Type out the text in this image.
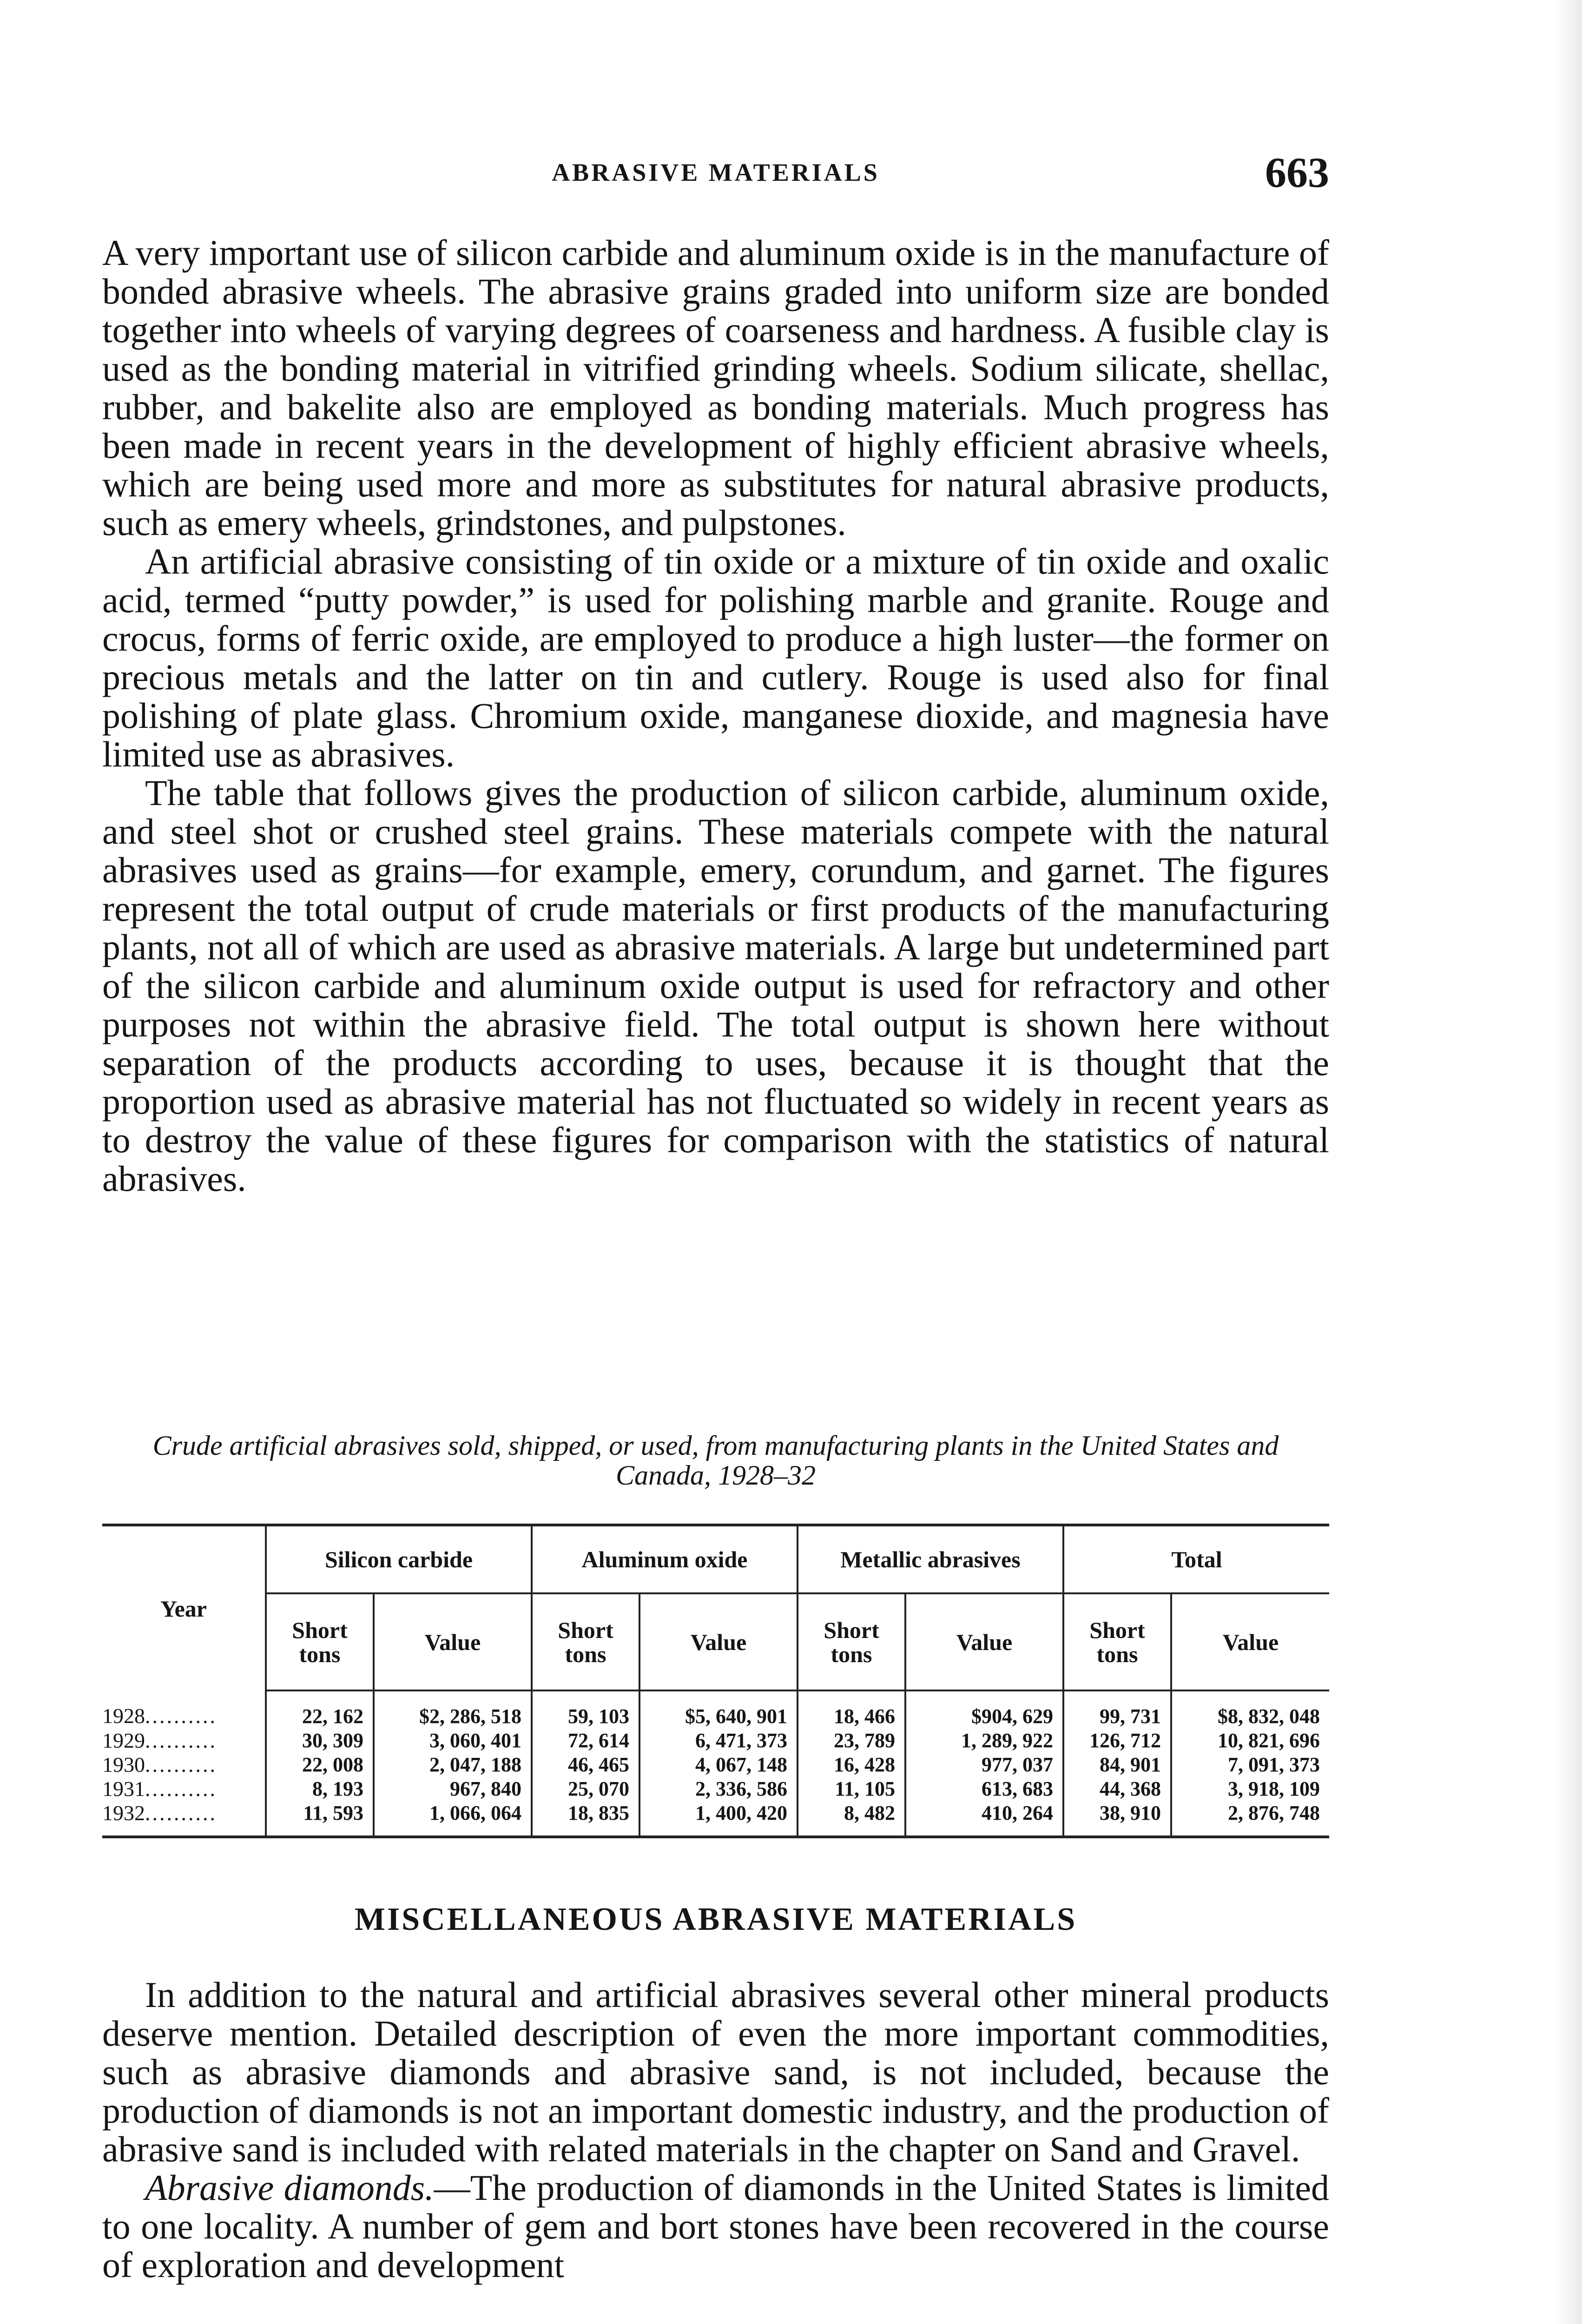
ABRASIVE MATERIALS	663

A very important use of silicon carbide and aluminum oxide is in the manufacture of bonded abrasive wheels. The abrasive grains graded into uniform size are bonded together into wheels of varying degrees of coarseness and hardness. A fusible clay is used as the bonding material in vitrified grinding wheels. Sodium silicate, shellac, rubber, and bakelite also are employed as bonding materials. Much progress has been made in recent years in the development of highly efficient abrasive wheels, which are being used more and more as substitutes for natural abrasive products, such as emery wheels, grindstones, and pulpstones.

An artificial abrasive consisting of tin oxide or a mixture of tin oxide and oxalic acid, termed “putty powder,” is used for polishing marble and granite. Rouge and crocus, forms of ferric oxide, are employed to produce a high luster—the former on precious metals and the latter on tin and cutlery. Rouge is used also for final polishing of plate glass. Chromium oxide, manganese dioxide, and magnesia have limited use as abrasives.

The table that follows gives the production of silicon carbide, aluminum oxide, and steel shot or crushed steel grains. These materials compete with the natural abrasives used as grains—for example, emery, corundum, and garnet. The figures represent the total output of crude materials or first products of the manufacturing plants, not all of which are used as abrasive materials. A large but undetermined part of the silicon carbide and aluminum oxide output is used for refractory and other purposes not within the abrasive field. The total output is shown here without separation of the products according to uses, because it is thought that the proportion used as abrasive material has not fluctuated so widely in recent years as to destroy the value of these figures for comparison with the statistics of natural abrasives.

Crude artificial abrasives sold, shipped, or used, from manufacturing plants in the United States and Canada, 1928–32
Year	Silicon carbide		Aluminum oxide		Metallic abrasives		Total	
	Short tons	Value	Short tons	Value	Short tons	Value	Short tons	Value
1928..........	22, 162	$2, 286, 518	59, 103	$5, 640, 901	18, 466	$904, 629	99, 731	$8, 832, 048
1929..........	30, 309	3, 060, 401	72, 614	6, 471, 373	23, 789	1, 289, 922	126, 712	10, 821, 696
1930..........	22, 008	2, 047, 188	46, 465	4, 067, 148	16, 428	977, 037	84, 901	7, 091, 373
1931..........	8, 193	967, 840	25, 070	2, 336, 586	11, 105	613, 683	44, 368	3, 918, 109
1932..........	11, 593	1, 066, 064	18, 835	1, 400, 420	8, 482	410, 264	38, 910	2, 876, 748
MISCELLANEOUS ABRASIVE MATERIALS

In addition to the natural and artificial abrasives several other mineral products deserve mention. Detailed description of even the more important commodities, such as abrasive diamonds and abrasive sand, is not included, because the production of diamonds is not an important domestic industry, and the production of abrasive sand is included with related materials in the chapter on Sand and Gravel.

Abrasive diamonds.—The production of diamonds in the United States is limited to one locality. A number of gem and bort stones have been recovered in the course of exploration and development
